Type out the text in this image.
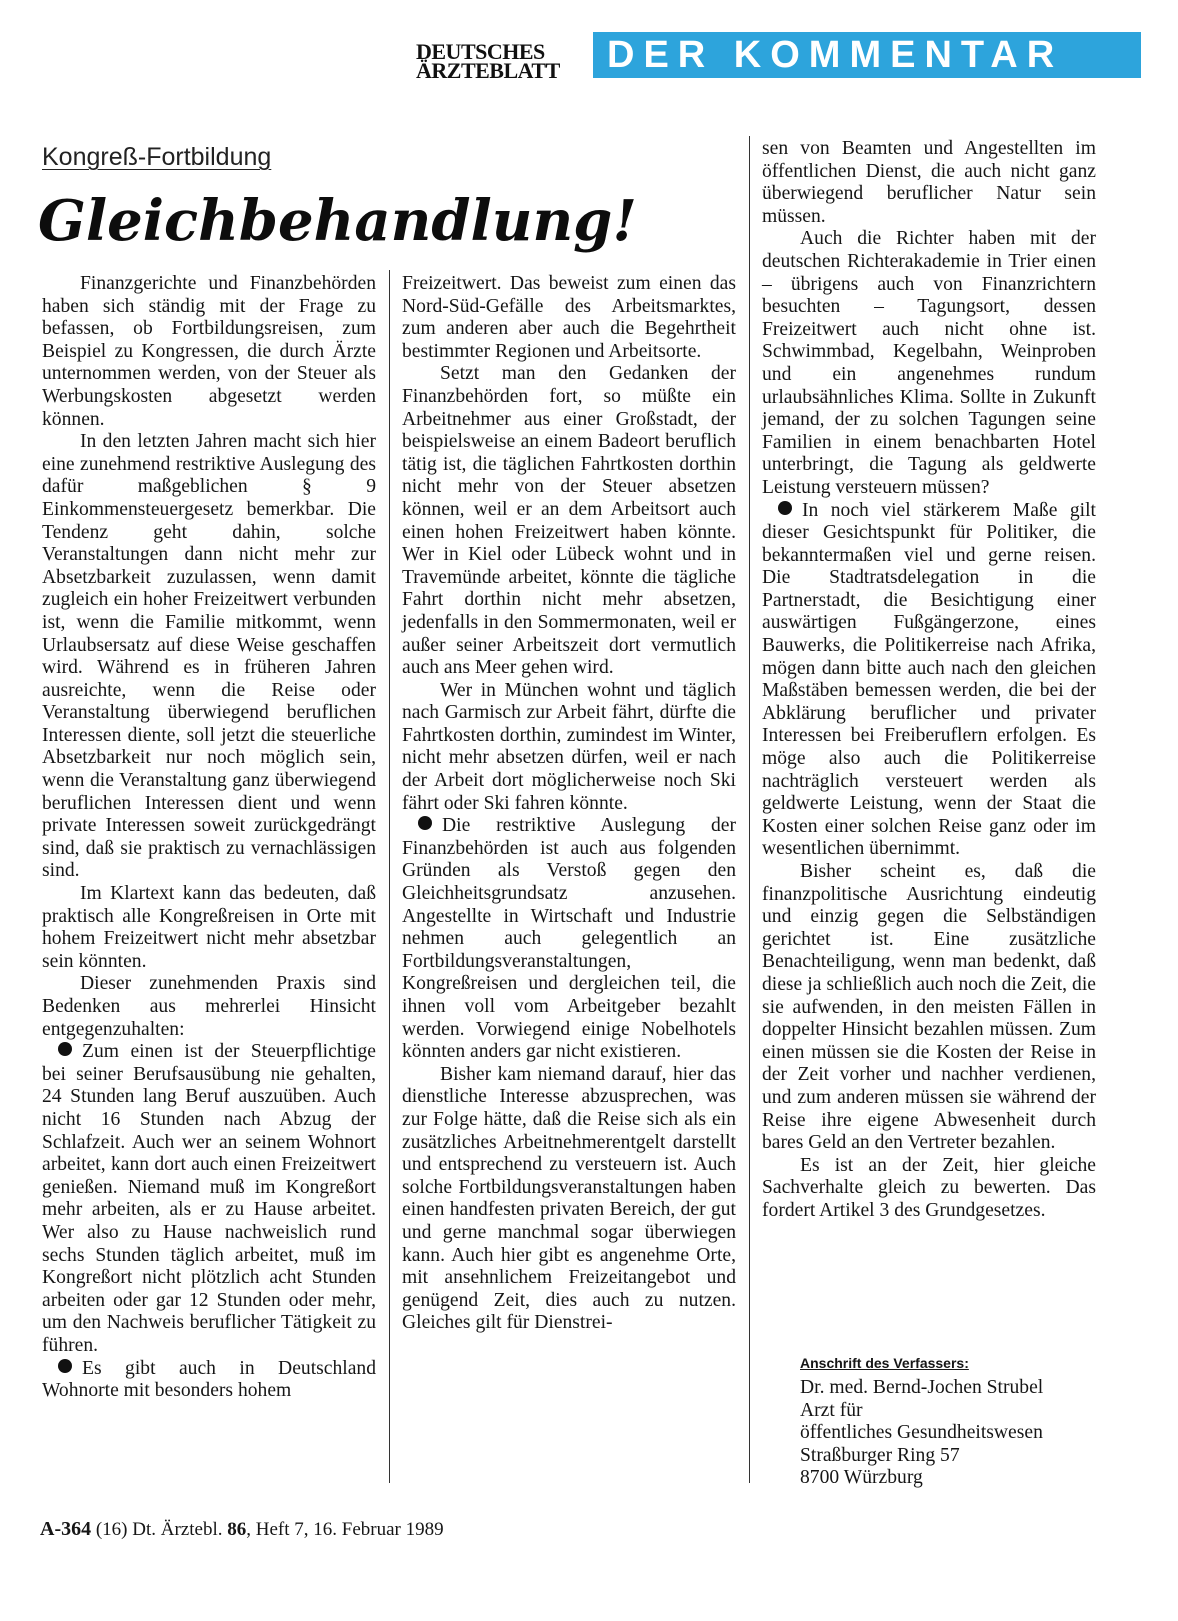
DEUTSCHES
ÄRZTEBLATT	DER KOMMENTAR
Kongreß-Fortbildung
Gleichbehandlung!

Finanzgerichte und Finanzbehörden haben sich ständig mit der Frage zu befassen, ob Fortbildungsreisen, zum Beispiel zu Kongressen, die durch Ärzte unternommen werden, von der Steuer als Werbungskosten abgesetzt werden können.

In den letzten Jahren macht sich hier eine zunehmend restriktive Auslegung des dafür maßgeblichen § 9 Einkommensteuergesetz bemerkbar. Die Tendenz geht dahin, solche Veranstaltungen dann nicht mehr zur Absetzbarkeit zuzulassen, wenn damit zugleich ein hoher Freizeitwert verbunden ist, wenn die Familie mitkommt, wenn Urlaubsersatz auf diese Weise geschaffen wird. Während es in früheren Jahren ausreichte, wenn die Reise oder Veranstaltung überwiegend beruflichen Interessen diente, soll jetzt die steuerliche Absetzbarkeit nur noch möglich sein, wenn die Veranstaltung ganz überwiegend beruflichen Interessen dient und wenn private Interessen soweit zurückgedrängt sind, daß sie praktisch zu vernachlässigen sind.

Im Klartext kann das bedeuten, daß praktisch alle Kongreßreisen in Orte mit hohem Freizeitwert nicht mehr absetzbar sein könnten.

Dieser zunehmenden Praxis sind Bedenken aus mehrerlei Hinsicht entgegenzuhalten:

Zum einen ist der Steuerpflichtige bei seiner Berufsausübung nie gehalten, 24 Stunden lang Beruf auszuüben. Auch nicht 16 Stunden nach Abzug der Schlafzeit. Auch wer an seinem Wohnort arbeitet, kann dort auch einen Freizeitwert genießen. Niemand muß im Kongreßort mehr arbeiten, als er zu Hause arbeitet. Wer also zu Hause nachweislich rund sechs Stunden täglich arbeitet, muß im Kongreßort nicht plötzlich acht Stunden arbeiten oder gar 12 Stunden oder mehr, um den Nachweis beruflicher Tätigkeit zu führen.

Es gibt auch in Deutschland Wohnorte mit besonders hohem

Freizeitwert. Das beweist zum einen das Nord-Süd-Gefälle des Arbeitsmarktes, zum anderen aber auch die Begehrtheit bestimmter Regionen und Arbeitsorte.

Setzt man den Gedanken der Finanzbehörden fort, so müßte ein Arbeitnehmer aus einer Großstadt, der beispielsweise an einem Badeort beruflich tätig ist, die täglichen Fahrtkosten dorthin nicht mehr von der Steuer absetzen können, weil er an dem Arbeitsort auch einen hohen Freizeitwert haben könnte. Wer in Kiel oder Lübeck wohnt und in Travemünde arbeitet, könnte die tägliche Fahrt dorthin nicht mehr absetzen, jedenfalls in den Sommermonaten, weil er außer seiner Arbeitszeit dort vermutlich auch ans Meer gehen wird.

Wer in München wohnt und täglich nach Garmisch zur Arbeit fährt, dürfte die Fahrtkosten dorthin, zumindest im Winter, nicht mehr absetzen dürfen, weil er nach der Arbeit dort möglicherweise noch Ski fährt oder Ski fahren könnte.

Die restriktive Auslegung der Finanzbehörden ist auch aus folgenden Gründen als Verstoß gegen den Gleichheitsgrundsatz anzusehen. Angestellte in Wirtschaft und Industrie nehmen auch gelegentlich an Fortbildungsveranstaltungen, Kongreßreisen und dergleichen teil, die ihnen voll vom Arbeitgeber bezahlt werden. Vorwiegend einige Nobelhotels könnten anders gar nicht existieren.

Bisher kam niemand darauf, hier das dienstliche Interesse abzusprechen, was zur Folge hätte, daß die Reise sich als ein zusätzliches Arbeitnehmerentgelt darstellt und entsprechend zu versteuern ist. Auch solche Fortbildungsveranstaltungen haben einen handfesten privaten Bereich, der gut und gerne manchmal sogar überwiegen kann. Auch hier gibt es angenehme Orte, mit ansehnlichem Freizeitangebot und genügend Zeit, dies auch zu nutzen. Gleiches gilt für Dienstrei-

sen von Beamten und Angestellten im öffentlichen Dienst, die auch nicht ganz überwiegend beruflicher Natur sein müssen.

Auch die Richter haben mit der deutschen Richterakademie in Trier einen – übrigens auch von Finanzrichtern besuchten – Tagungsort, dessen Freizeitwert auch nicht ohne ist. Schwimmbad, Kegelbahn, Weinproben und ein angenehmes rundum urlaubsähnliches Klima. Sollte in Zukunft jemand, der zu solchen Tagungen seine Familien in einem benachbarten Hotel unterbringt, die Tagung als geldwerte Leistung versteuern müssen?

In noch viel stärkerem Maße gilt dieser Gesichtspunkt für Politiker, die bekanntermaßen viel und gerne reisen. Die Stadtratsdelegation in die Partnerstadt, die Besichtigung einer auswärtigen Fußgängerzone, eines Bauwerks, die Politikerreise nach Afrika, mögen dann bitte auch nach den gleichen Maßstäben bemessen werden, die bei der Abklärung beruflicher und privater Interessen bei Freiberuflern erfolgen. Es möge also auch die Politikerreise nachträglich versteuert werden als geldwerte Leistung, wenn der Staat die Kosten einer solchen Reise ganz oder im wesentlichen übernimmt.

Bisher scheint es, daß die finanzpolitische Ausrichtung eindeutig und einzig gegen die Selbständigen gerichtet ist. Eine zusätzliche Benachteiligung, wenn man bedenkt, daß diese ja schließlich auch noch die Zeit, die sie aufwenden, in den meisten Fällen in doppelter Hinsicht bezahlen müssen. Zum einen müssen sie die Kosten der Reise in der Zeit vorher und nachher verdienen, und zum anderen müssen sie während der Reise ihre eigene Abwesenheit durch bares Geld an den Vertreter bezahlen.

Es ist an der Zeit, hier gleiche Sachverhalte gleich zu bewerten. Das fordert Artikel 3 des Grundgesetzes.

Anschrift des Verfassers:
Dr. med. Bernd-Jochen Strubel
Arzt für
öffentliches Gesundheitswesen
Straßburger Ring 57
8700 Würzburg
A-364 (16) Dt. Ärztebl. 86, Heft 7, 16. Februar 1989
